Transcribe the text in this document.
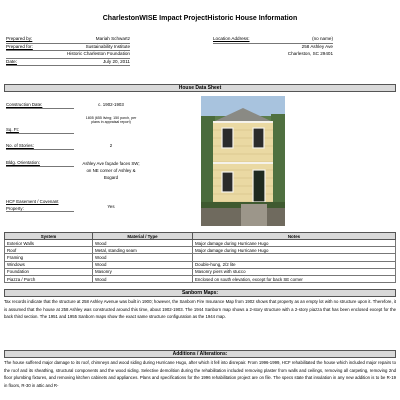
CharlestonWISE Impact ProjectHistoric House Information
Prepared by:	Mariah Schwartz
Prepared for:	Sustainability Institute
Historic Charleston Foundation
Date:	July 20, 2011
Location Address:	(no name)
258 Ashley Ave
Charleston, SC 29401
House Data Sheet
Construction Date:	c. 1902-1903
Sq. Ft:
1805 (655 living; 150 porch, per plans in appraisal report)
No. of Stories:	2
Bldg. Orientation:	Ashley Ave façade faces SW; on NE corner of Ashley & Bogard
HCF Easement / Covenant Property:	Yes
System	Material / Type	Notes
Exterior Walls	Wood	Major damage during Hurricane Hugo
Roof	Metal, standing seam	Major damage during Hurricane Hugo
Framing	Wood	
Windows	Wood	Double-hung, 2/2 lite
Foundation	Masonry	Masonry piers with stucco
Piazza / Porch	Wood	Enclosed on south elevation, except for back SE corner
Sanborn Maps:
Tax records indicate that the structure at 258 Ashley Avenue was built in 1900; however, the Sanborn Fire Insurance Map from 1902 shows that property as an empty lot with no structure upon it. Therefore, it is assumed that the house at 258 Ashley was constructed around this time, about 1902-1903. The 1944 Sanborn map shows a 2-story structure with a 2-story piazza that has been enclosed except for the back third section. The 1951 and 1955 Sanborn maps show the exact same structure configuration as the 1944 map.
Additions / Alterations:
The house suffered major damage to its roof, chimneys and wood siding during Hurricane Hugo, after which it fell into disrepair. From 1996-1999, HCF rehabilitated the house which included major repairs to the roof and its sheathing, structural components and the wood siding. Selective demolition during the rehabilitation included removing plaster from walls and ceilings, removing all carpeting, removing 2nd floor plumbing fixtures, and removing kitchen cabinets and appliances. Plans and specifications for the 1996 rehabilitation project are on file. The specs state that insulation in any new addition is to be R-19 in floors, R-30 in attic and R-
